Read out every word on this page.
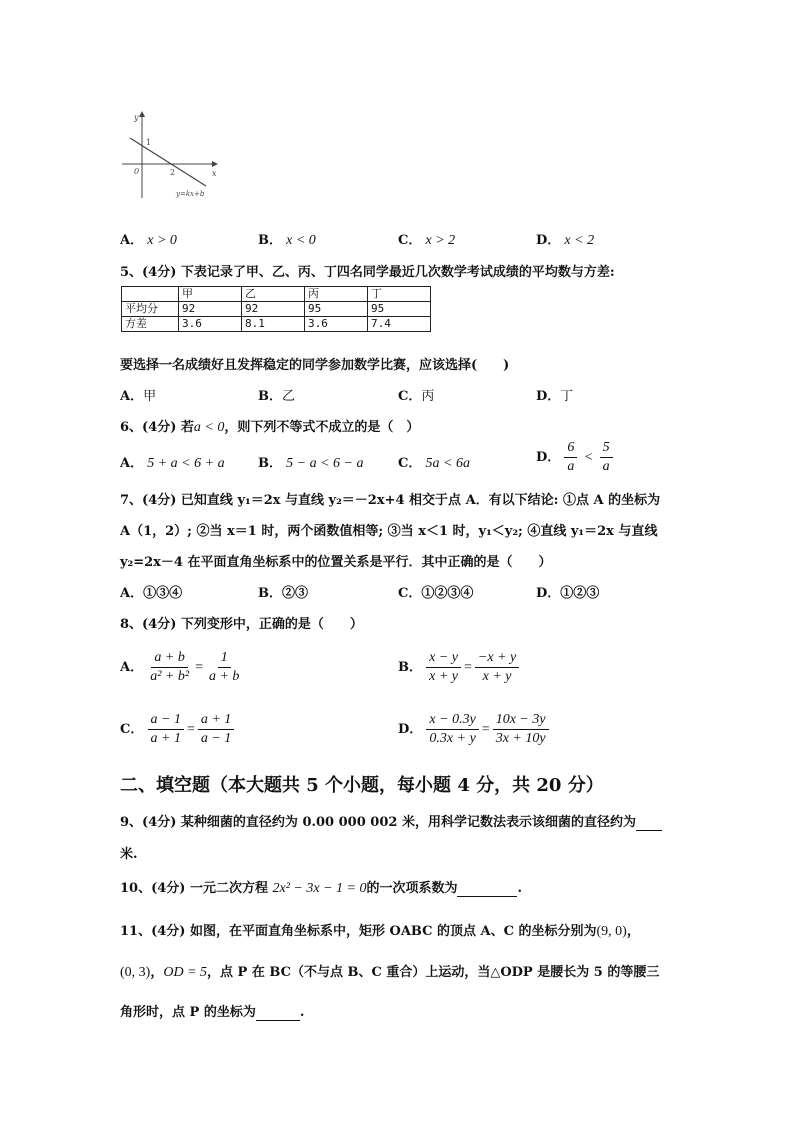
y
x
0
1
2
y=kx+b
A． x > 0	B． x < 0	C． x > 2	D． x < 2
5、(4分) 下表记录了甲、乙、丙、丁四名同学最近几次数学考试成绩的平均数与方差:
	甲	乙	丙	丁
平均分	92	92	95	95
方差	3.6	8.1	3.6	7.4
要选择一名成绩好且发挥稳定的同学参加数学比赛，应该选择(　　)
A．甲	B．乙	C．丙	D．丁
6、(4分) 若a < 0，则下列不等式不成立的是（　）
A． 5 + a < 6 + a	B． 5 − a < 6 − a	C． 5a < 6a	D． $\frac{6}{a} < \frac{5}{a}$
7、(4分) 已知直线 y₁＝2x 与直线 y₂＝－2x+4 相交于点 A．有以下结论: ①点 A 的坐标为
A（1，2）; ②当 x＝1 时，两个函数值相等; ③当 x＜1 时，y₁＜y₂; ④直线 y₁＝2x 与直线
y₂=2x－4 在平面直角坐标系中的位置关系是平行．其中正确的是（　　）
A．①③④	B．②③	C．①②③④	D．①②③
8、(4分) 下列变形中，正确的是（　　）
A． $\frac{a + b}{\text{a² + b²}} = \frac{1}{a + b}$	B． $\frac{x - y}{x + y} = \frac{-x + y}{x + y}$
C． $\frac{a - 1}{a + 1} = \frac{a + 1}{a - 1}$	D． $\frac{x - 0.3y}{0.3x + y} = \frac{10x - 3y}{3x + 10y}$
二、填空题（本大题共 5 个小题，每小题 4 分，共 20 分）
9、(4分) 某种细菌的直径约为 0.00 000 002 米，用科学记数法表示该细菌的直径约为
米.
10、(4分) 一元二次方程 2x² − 3x − 1 = 0的一次项系数为	.
11、(4分) 如图，在平面直角坐标系中，矩形 OABC 的顶点 A、C 的坐标分别为(9, 0)，
(0, 3)，OD = 5，点 P 在 BC（不与点 B、C 重合）上运动，当△ODP 是腰长为 5 的等腰三
角形时，点 P 的坐标为	.
